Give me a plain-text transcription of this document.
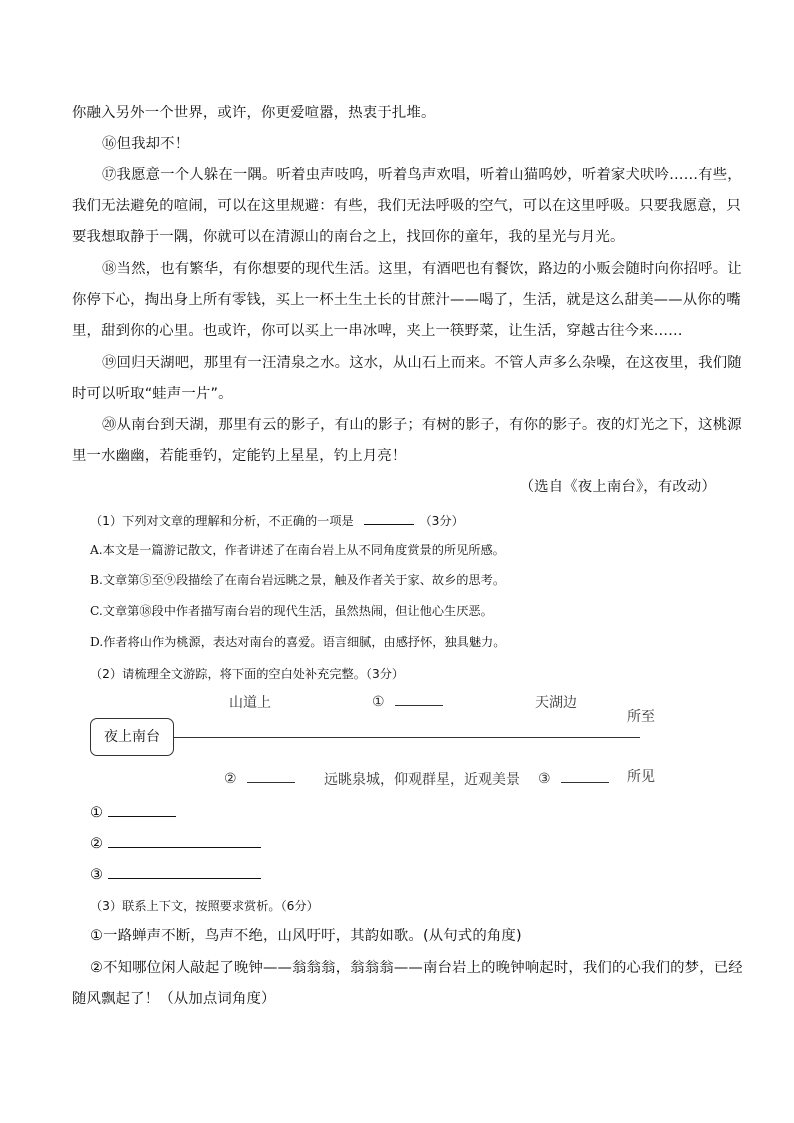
你融入另外一个世界，或许，你更爱喧嚣，热衷于扎堆。
⑯但我却不！
⑰我愿意一个人躲在一隅。听着虫声吱呜，听着鸟声欢唱，听着山猫呜妙，听着家犬吠吟……有些，
我们无法避免的喧闹，可以在这里规避：有些，我们无法呼吸的空气，可以在这里呼吸。只要我愿意，只
要我想取静于一隅，你就可以在清源山的南台之上，找回你的童年，我的星光与月光。
⑱当然，也有繁华，有你想要的现代生活。这里，有酒吧也有餐饮，路边的小贩会随时向你招呼。让
你停下心，掏出身上所有零钱，买上一杯土生土长的甘蔗汁——喝了，生活，就是这么甜美——从你的嘴
里，甜到你的心里。也或许，你可以买上一串冰啤，夹上一筷野菜，让生活，穿越古往今来……
⑲回归天湖吧，那里有一汪清泉之水。这水，从山石上而来。不管人声多么杂噪，在这夜里，我们随
时可以听取“蛙声一片”。
⑳从南台到天湖，那里有云的影子，有山的影子；有树的影子，有你的影子。夜的灯光之下，这桃源
里一水幽幽，若能垂钓，定能钓上星星，钓上月亮！
（选自《夜上南台》，有改动）
（1）下列对文章的理解和分析，不正确的一项是	（3分）
A.本文是一篇游记散文，作者讲述了在南台岩上从不同角度赏景的所见所感。
B.文章第⑤至⑨段描绘了在南台岩远眺之景，触及作者关于家、故乡的思考。
C.文章第⑱段中作者描写南台岩的现代生活，虽然热闹，但让他心生厌恶。
D.作者将山作为桃源，表达对南台的喜爱。语言细腻，由感抒怀，独具魅力。
（2）请梳理全文游踪，将下面的空白处补充完整。（3分）
山道上	①	天湖边
所至
夜上南台
②	远眺泉城，仰观群星，近观美景 ③	所见
①
②
③
（3）联系上下文，按照要求赏析。（6分）
①一路蝉声不断，鸟声不绝，山风吁吁，其韵如歌。(从句式的角度)
②不知哪位闲人敲起了晚钟——翁翁翁，翁翁翁——南台岩上的晚钟响起时，我们的心我们的梦，已经
随风飘起了！（从加点词角度）
